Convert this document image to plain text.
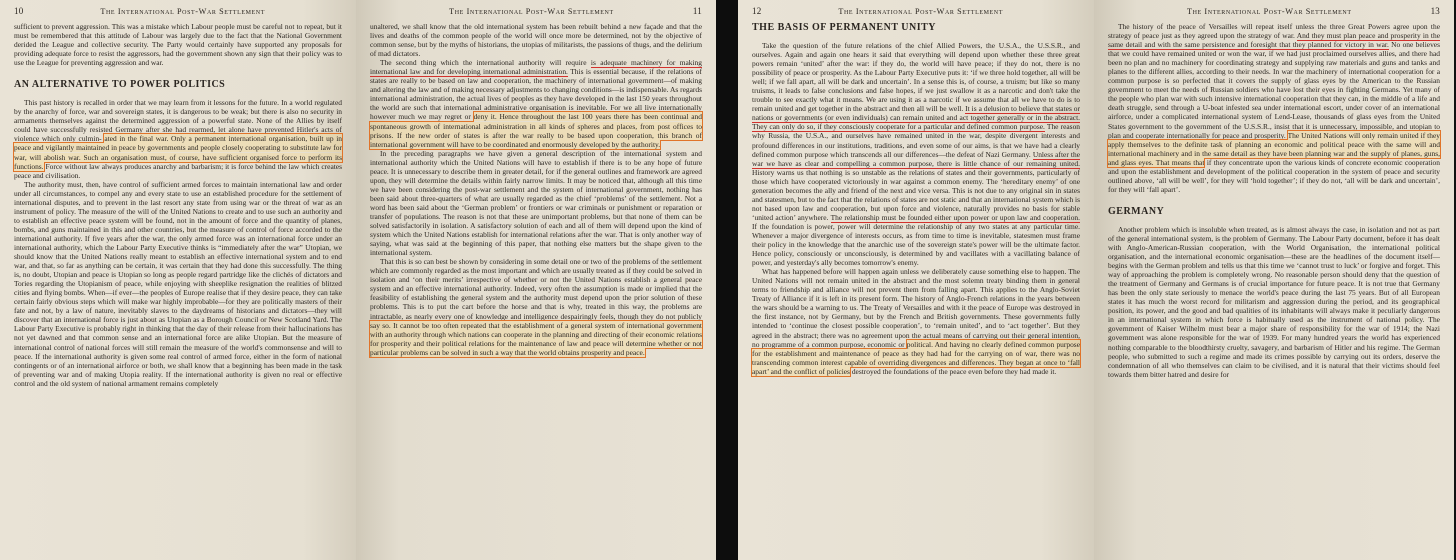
10	The International Post-War Settlement

sufficient to prevent aggression. This was a mistake which Labour people must be careful not to repeat, but it must be remembered that this attitude of Labour was largely due to the fact that the National Government derided the League and collective security. The Party would certainly have supported any proposals for providing adequate force to resist the aggressors, had the government shown any sign that their policy was to use the League for preventing aggression and war.

AN ALTERNATIVE TO POWER POLITICS

This past history is recalled in order that we may learn from it lessons for the future. In a world regulated by the anarchy of force, war and sovereign states, it is dangerous to be weak; but there is also no security in armaments themselves against the determined aggression of a powerful state. None of the Allies by itself could have successfully resisted Germany after she had rearmed, let alone have prevented Hitler's acts of violence which only culmin- ated in the final war. Only a permanent international organisation, built up in peace and vigilantly maintained in peace by governments and people closely cooperating to substitute law for war, will abolish war. Such an organisation must, of course, have sufficient organised force to perform its functions. Force without law always produces anarchy and barbarism; it is force behind the law which creates peace and civilisation.

The authority must, then, have control of sufficient armed forces to maintain international law and order under all circumstances, to compel any and every state to use an established procedure for the settlement of international disputes, and to prevent in the last resort any state from using war or the threat of war as an instrument of policy. The measure of the will of the United Nations to create and to use such an authority and to establish an effective peace system will be found, not in the amount of force and the quantity of planes, bombs, and guns maintained in this and other countries, but the measure of control of force accorded to the international authority. If five years after the war, the only armed force was an international force under an international authority, which the Labour Party Executive thinks is “immediately after the war” Utopian, we should know that the United Nations really meant to establish an effective international system and to end war, and that, so far as anything can be certain, it was certain that they had done this successfully. The thing is, no doubt, Utopian and peace is Utopian so long as people regard partridge like the clichés of dictators and Tories regarding the Utopianism of peace, while enjoying with sheeplike resignation the realities of blitzed cities and flying bombs. When—if ever—the peoples of Europe realise that if they desire peace, they can take certain fairly obvious steps which will make war highly improbable—for they are politically masters of their fate and not, by a law of nature, inevitably slaves to the daydreams of historians and dictators—they will discover that an international force is just about as Utopian as a Borough Council or New Scotland Yard. The Labour Party Executive is probably right in thinking that the day of their release from their hallucinations has not yet dawned and that common sense and an international force are alike Utopian. But the measure of international control of national forces will still remain the measure of the world's commonsense and will to peace. If the international authority is given some real control of armed force, either in the form of national contingents or of an international airforce or both, we shall know that a beginning has been made in the task of preventing war and of making Utopia reality. If the international authority is given no real or effective control and the old system of national armament remains completely

The International Post-War Settlement	11

unaltered, we shall know that the old international system has been rebuilt behind a new façade and that the lives and deaths of the common people of the world will once more be determined, not by the objective of common sense, but by the myths of historians, the utopias of militarists, the passions of thugs, and the delirium of mad dictators.

The second thing which the international authority will require is adequate machinery for making international law and for developing international administration. This is essential because, if the relations of states are really to be based on law and cooperation, the machinery of international government—of making and altering the law and of making necessary adjustments to changing conditions—is indispensable. As regards international administration, the actual lives of peoples as they have developed in the last 150 years throughout the world are such that international administrative organisation is inevitable. For we all live internationally however much we may regret or deny it. Hence throughout the last 100 years there has been continual and spontaneous growth of international administration in all kinds of spheres and places, from post offices to prisons. If the new order of states is after the war really to be based upon cooperation, this branch of international government will have to be coordinated and enormously developed by the authority.

In the preceding paragraphs we have given a general description of the international system and international authority which the United Nations will have to establish if there is to be any hope of future peace. It is unnecessary to describe them in greater detail, for if the general outlines and framework are agreed upon, they will determine the details within fairly narrow limits. It may be noticed that, although all this time we have been considering the post-war settlement and the system of international government, nothing has been said about three-quarters of what are usually regarded as the chief ‘problems’ of the settlement. Not a word has been said about the ‘German problem’ or frontiers or war criminals or punishment or reparation or transfer of populations. The reason is not that these are unimportant problems, but that none of them can be solved satisfactorily in isolation. A satisfactory solution of each and all of them will depend upon the kind of system which the United Nations establish for international relations after the war. That is only another way of saying, what was said at the beginning of this paper, that nothing else matters but the shape given to the international system.

That this is so can best be shown by considering in some detail one or two of the problems of the settlement which are commonly regarded as the most important and which are usually treated as if they could be solved in isolation and ‘on their merits’ irrespective of whether or not the United Nations establish a general peace system and an effective international authority. Indeed, very often the assumption is made or implied that the feasibility of establishing the general system and the authority must depend upon the prior solution of these problems. This is to put the cart before the horse and that is why, treated in this way, the problems are intractable, as nearly every one of knowledge and intelligence despairingly feels, though they do not publicly say so. It cannot be too often repeated that the establishment of a general system of international government with an authority through which nations can cooperate in the planning and directing of their economic relations for prosperity and their political relations for the maintenance of law and peace will determine whether or not particular problems can be solved in such a way that the world obtains prosperity and peace.

12	The International Post-War Settlement
THE BASIS OF PERMANENT UNITY

Take the question of the future relations of the chief Allied Powers, the U.S.A., the U.S.S.R., and ourselves. Again and again one hears it said that everything will depend upon whether these three great powers remain ‘united’ after the war: if they do, the world will have peace; if they do not, there is no possibility of peace or prosperity. As the Labour Party Executive puts it: ‘if we three hold together, all will be well; if we fall apart, all will be dark and uncertain’. In a sense this is, of course, a truism; but like so many truisms, it leads to false conclusions and false hopes, if we just swallow it as a narcotic and don't take the trouble to see exactly what it means. We are using it as a narcotic if we assume that all we have to do is to remain united and get together in the abstract and then all will be well. It is a delusion to believe that states or nations or governments (or even individuals) can remain united and act together generally or in the abstract. They can only do so, if they consciously cooperate for a particular and defined common purpose. The reason why Russia, the U.S.A., and ourselves have remained united in the war, despite divergent interests and profound differences in our institutions, traditions, and even some of our aims, is that we have had a clearly defined common purpose which transcends all our differences—the defeat of Nazi Germany. Unless after the war we have as clear and compelling a common purpose, there is little chance of our remaining united. History warns us that nothing is so unstable as the relations of states and their governments, particularly of those which have cooperated victoriously in war against a common enemy. The ‘hereditary enemy’ of one generation becomes the ally and friend of the next and vice versa. This is not due to any original sin in states and statesmen, but to the fact that the relations of states are not static and that an international system which is not based upon law and cooperation, but upon force and violence, naturally provides no basis for stable ‘united action’ anywhere. The relationship must be founded either upon power or upon law and cooperation. If the foundation is power, power will determine the relationship of any two states at any particular time. Whenever a major divergence of interests occurs, as from time to time is inevitable, statesmen must frame their policy in the knowledge that the anarchic use of the sovereign state's power will be the ultimate factor. Hence policy, consciously or unconsciously, is determined by and vacillates with a vacillating balance of power, and yesterday's ally becomes tomorrow's enemy.

What has happened before will happen again unless we deliberately cause something else to happen. The United Nations will not remain united in the abstract and the most solemn treaty binding them in general terms to friendship and alliance will not prevent them from falling apart. This applies to the Anglo-Soviet Treaty of Alliance if it is left in its present form. The history of Anglo-French relations in the years between the wars should be a warning to us. The Treaty of Versailles and with it the peace of Europe was destroyed in the first instance, not by Germany, but by the French and British governments. These governments fully intended to ‘continue the closest possible cooperation’, to ‘remain united’, and to ‘act together’. But they agreed in the abstract; there was no agreement upon the actual means of carrying out their general intention, no programme of a common purpose, economic or political. And having no clearly defined common purpose for the establishment and maintenance of peace as they had had for the carrying on of war, there was no transcending common interest capable of overriding divergences and differences. They began at once to ‘fall apart’ and the conflict of policies destroyed the foundations of the peace even before they had made it.

The International Post-War Settlement	13

The history of the peace of Versailles will repeat itself unless the three Great Powers agree upon the strategy of peace just as they agreed upon the strategy of war. And they must plan peace and prosperity in the same detail and with the same persistence and foresight that they planned for victory in war. No one believes that we could have remained united or won the war, if we had just proclaimed ourselves allies, and there had been no plan and no machinery for coordinating strategy and supplying raw materials and guns and tanks and planes to the different allies, according to their needs. In war the machinery of international cooperation for a common purpose is so perfected that it covers the supply of glass eyes by the American to the Russian government to meet the needs of Russian soldiers who have lost their eyes in fighting Germans. Yet many of the people who plan war with such intensive international cooperation that they can, in the middle of a life and death struggle, send through a U-boat infested sea under international escort, under cover of an international airforce, under a complicated international system of Lend-Lease, thousands of glass eyes from the United States government to the government of the U.S.S.R., insist that it is unnecessary, impossible, and utopian to plan and cooperate internationally for peace and prosperity. The United Nations will only remain united if they apply themselves to the definite task of planning an economic and political peace with the same will and international machinery and in the same detail as they have been planning war and the supply of planes, guns, and glass eyes. That means that if they concentrate upon the various kinds of concrete economic cooperation and upon the establishment and development of the political cooperation in the system of peace and security outlined above, ‘all will be well’, for they will ‘hold together’; if they do not, ‘all will be dark and uncertain’, for they will ‘fall apart’.

GERMANY

Another problem which is insoluble when treated, as is almost always the case, in isolation and not as part of the general international system, is the problem of Germany. The Labour Party document, before it has dealt with Anglo-American-Russian cooperation, with the World Organisation, the international political organisation, and the international economic organisation—these are the headlines of the document itself—begins with the German problem and tells us that this time we ‘cannot trust to luck’ or forgive and forget. This way of approaching the problem is completely wrong. No reasonable person should deny that the question of the treatment of Germany and Germans is of crucial importance for future peace. It is not true that Germany has been the only state seriously to menace the world's peace during the last 75 years. But of all European states it has much the worst record for militarism and aggression during the period, and its geographical position, its power, and the good and bad qualities of its inhabitants will always make it peculiarly dangerous in an international system in which force is habitually used as the instrument of national policy. The government of Kaiser Wilhelm must bear a major share of responsibility for the war of 1914; the Nazi government was alone responsible for the war of 1939. For many hundred years the world has experienced nothing comparable to the bloodthirsty cruelty, savagery, and barbarism of Hitler and his regime. The German people, who submitted to such a regime and made its crimes possible by carrying out its orders, deserve the condemnation of all who themselves can claim to be civilised, and it is natural that their victims should feel towards them bitter hatred and desire for
